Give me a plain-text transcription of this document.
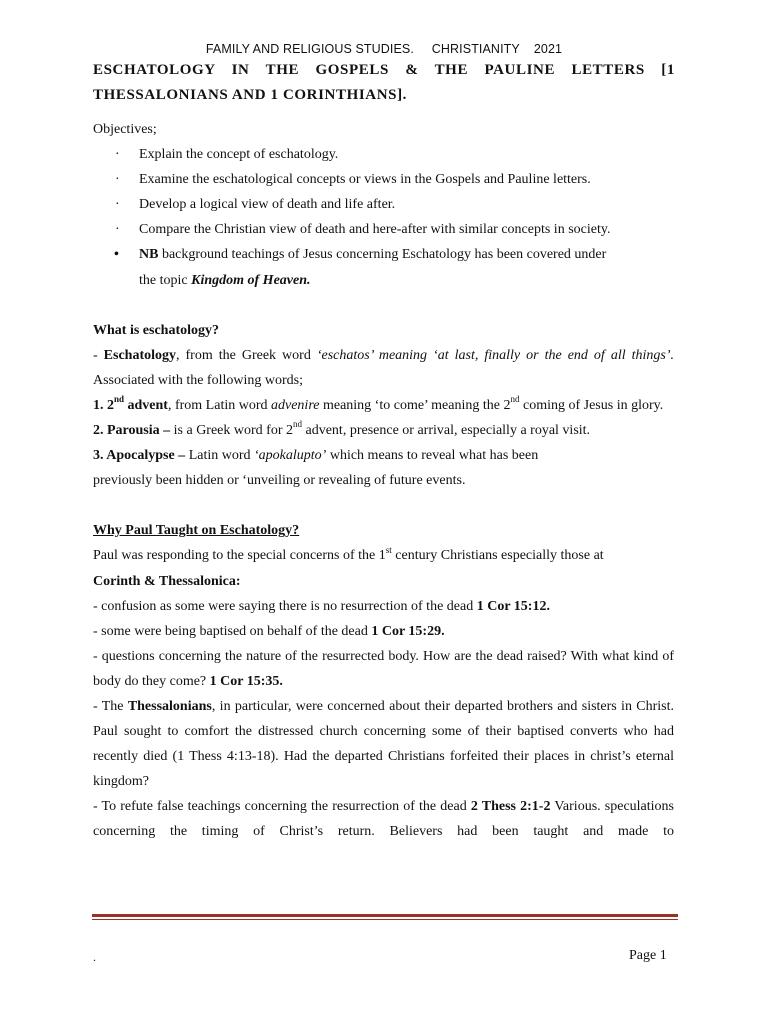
FAMILY AND RELIGIOUS STUDIES.     CHRISTIANITY    2021
ESCHATOLOGY IN THE GOSPELS & THE PAULINE LETTERS [1
THESSALONIANS AND 1 CORINTHIANS].

Objectives;

· Explain the concept of eschatology.
· Examine the eschatological concepts or views in the Gospels and Pauline letters.
· Develop a logical view of death and life after.
· Compare the Christian view of death and here-after with similar concepts in society.
• NB background teachings of Jesus concerning Eschatology has been covered under
the topic Kingdom of Heaven.

What is eschatology?

- Eschatology, from the Greek word ‘eschatos’ meaning ‘at last, finally or the end of all things’. Associated with the following words;

1. 2nd advent, from Latin word advenire meaning ‘to come’ meaning the 2nd coming of Jesus in glory.

2. Parousia – is a Greek word for 2nd advent, presence or arrival, especially a royal visit.

3. Apocalypse – Latin word ‘apokalupto’ which means to reveal what has been
previously been hidden or ‘unveiling or revealing of future events.

Why Paul Taught on Eschatology?

Paul was responding to the special concerns of the 1st century Christians especially those at
Corinth & Thessalonica:

- confusion as some were saying there is no resurrection of the dead 1 Cor 15:12.

- some were being baptised on behalf of the dead 1 Cor 15:29.

- questions concerning the nature of the resurrected body. How are the dead raised? With what kind of body do they come? 1 Cor 15:35.

- The Thessalonians, in particular, were concerned about their departed brothers and sisters in Christ. Paul sought to comfort the distressed church concerning some of their baptised converts who had recently died (1 Thess 4:13-18). Had the departed Christians forfeited their places in christ’s eternal kingdom?

- To refute false teachings concerning the resurrection of the dead 2 Thess 2:1-2 Various. speculations concerning the timing of Christ’s return. Believers had been taught and made to

.	Page 1
